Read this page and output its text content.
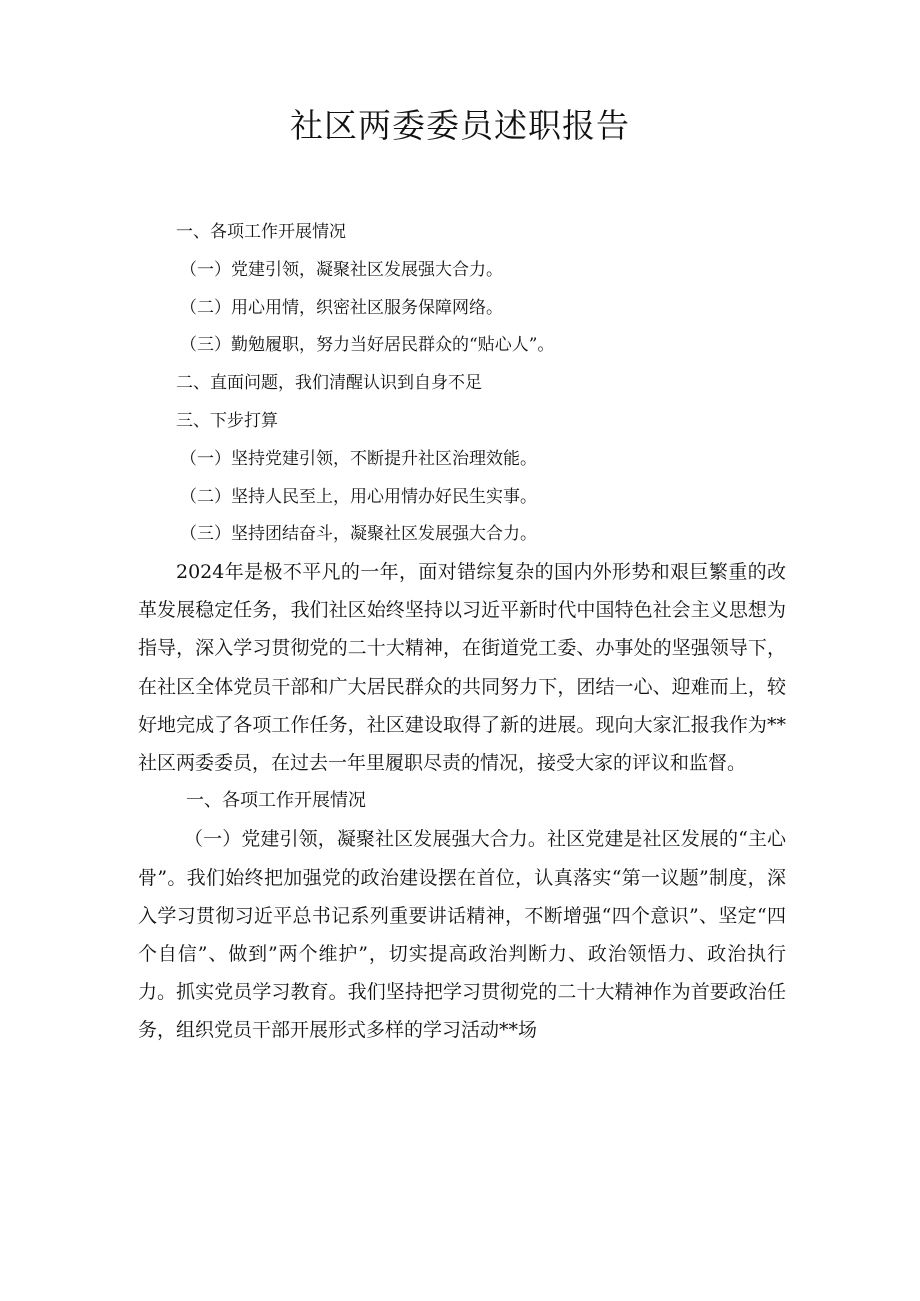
社区两委委员述职报告
一、各项工作开展情况
（一）党建引领，凝聚社区发展强大合力。
（二）用心用情，织密社区服务保障网络。
（三）勤勉履职，努力当好居民群众的“贴心人”。
二、直面问题，我们清醒认识到自身不足
三、下步打算
（一）坚持党建引领，不断提升社区治理效能。
（二）坚持人民至上，用心用情办好民生实事。
（三）坚持团结奋斗，凝聚社区发展强大合力。

2024年是极不平凡的一年，面对错综复杂的国内外形势和艰巨繁重的改革发展稳定任务，我们社区始终坚持以习近平新时代中国特色社会主义思想为指导，深入学习贯彻党的二十大精神，在街道党工委、办事处的坚强领导下，在社区全体党员干部和广大居民群众的共同努力下，团结一心、迎难而上，较好地完成了各项工作任务，社区建设取得了新的进展。现向大家汇报我作为**社区两委委员，在过去一年里履职尽责的情况，接受大家的评议和监督。

一、各项工作开展情况

（一）党建引领，凝聚社区发展强大合力。社区党建是社区发展的“主心骨”。我们始终把加强党的政治建设摆在首位，认真落实“第一议题”制度，深入学习贯彻习近平总书记系列重要讲话精神，不断增强“四个意识”、坚定“四个自信”、做到”两个维护”，切实提高政治判断力、政治领悟力、政治执行力。抓实党员学习教育。我们坚持把学习贯彻党的二十大精神作为首要政治任务，组织党员干部开展形式多样的学习活动**场
